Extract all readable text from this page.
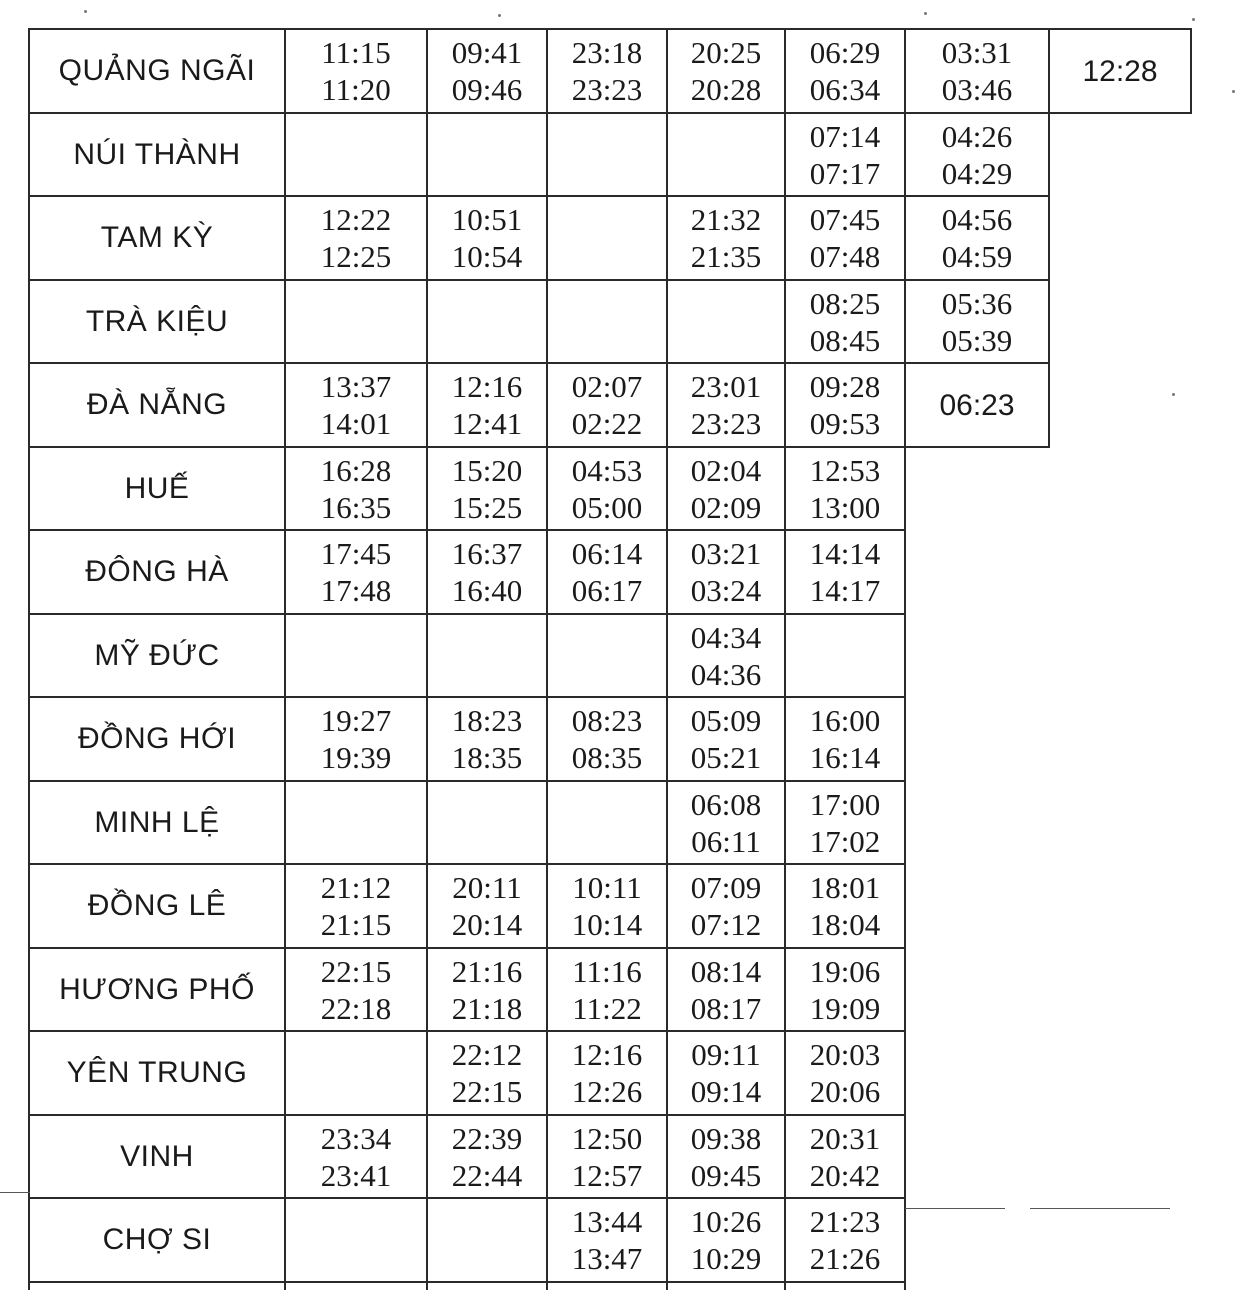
QUẢNG NGÃI
11:15
11:20
09:41
09:46
23:18
23:23
20:25
20:28
06:29
06:34
03:31
03:46
12:28
NÚI THÀNH
07:14
07:17
04:26
04:29
TAM KỲ
12:22
12:25
10:51
10:54
21:32
21:35
07:45
07:48
04:56
04:59
TRÀ KIỆU
08:25
08:45
05:36
05:39
ĐÀ NẴNG
13:37
14:01
12:16
12:41
02:07
02:22
23:01
23:23
09:28
09:53
06:23
HUẾ
16:28
16:35
15:20
15:25
04:53
05:00
02:04
02:09
12:53
13:00
ĐÔNG HÀ
17:45
17:48
16:37
16:40
06:14
06:17
03:21
03:24
14:14
14:17
MỸ ĐỨC
04:34
04:36
ĐỒNG HỚI
19:27
19:39
18:23
18:35
08:23
08:35
05:09
05:21
16:00
16:14
MINH LỆ
06:08
06:11
17:00
17:02
ĐỒNG LÊ
21:12
21:15
20:11
20:14
10:11
10:14
07:09
07:12
18:01
18:04
HƯƠNG PHỐ
22:15
22:18
21:16
21:18
11:16
11:22
08:14
08:17
19:06
19:09
YÊN TRUNG
22:12
22:15
12:16
12:26
09:11
09:14
20:03
20:06
VINH
23:34
23:41
22:39
22:44
12:50
12:57
09:38
09:45
20:31
20:42
CHỢ SI
13:44
13:47
10:26
10:29
21:23
21:26
